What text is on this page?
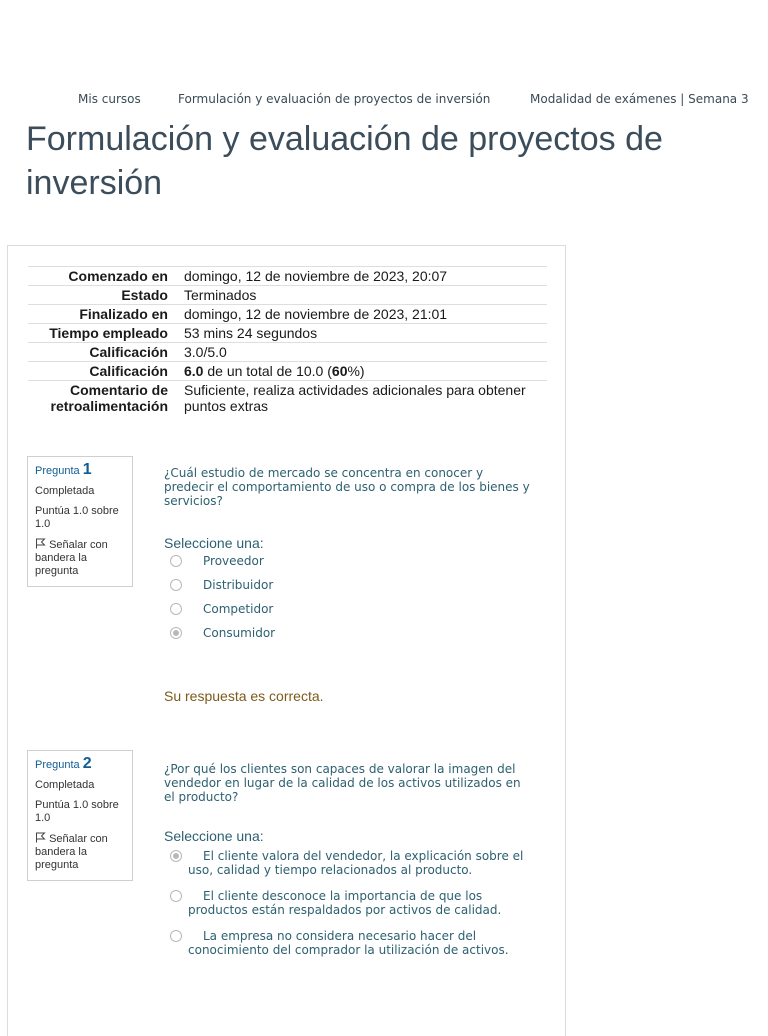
Mis cursos	Formulación y evaluación de proyectos de inversión	Modalidad de exámenes | Semana 3
Formulación y evaluación de proyectos de inversión
Comenzado en	domingo, 12 de noviembre de 2023, 20:07
Estado	Terminados
Finalizado en	domingo, 12 de noviembre de 2023, 21:01
Tiempo empleado	53 mins 24 segundos
Calificación	3.0/5.0
Calificación	6.0 de un total de 10.0 (60%)
Comentario de retroalimentación	Suficiente, realiza actividades adicionales para obtener puntos extras
Pregunta 1
Completada
Puntúa 1.0 sobre 1.0
Señalar con bandera la pregunta
¿Cuál estudio de mercado se concentra en conocer y predecir el comportamiento de uso o compra de los bienes y servicios?
Seleccione una:
Proveedor
Distribuidor
Competidor
Consumidor
Su respuesta es correcta.
Pregunta 2
Completada
Puntúa 1.0 sobre 1.0
Señalar con bandera la pregunta
¿Por qué los clientes son capaces de valorar la imagen del vendedor en lugar de la calidad de los activos utilizados en el producto?
Seleccione una:
El cliente valora del vendedor, la explicación sobre el uso, calidad y tiempo relacionados al producto.
El cliente desconoce la importancia de que los productos están respaldados por activos de calidad.
La empresa no considera necesario hacer del conocimiento del comprador la utilización de activos.
